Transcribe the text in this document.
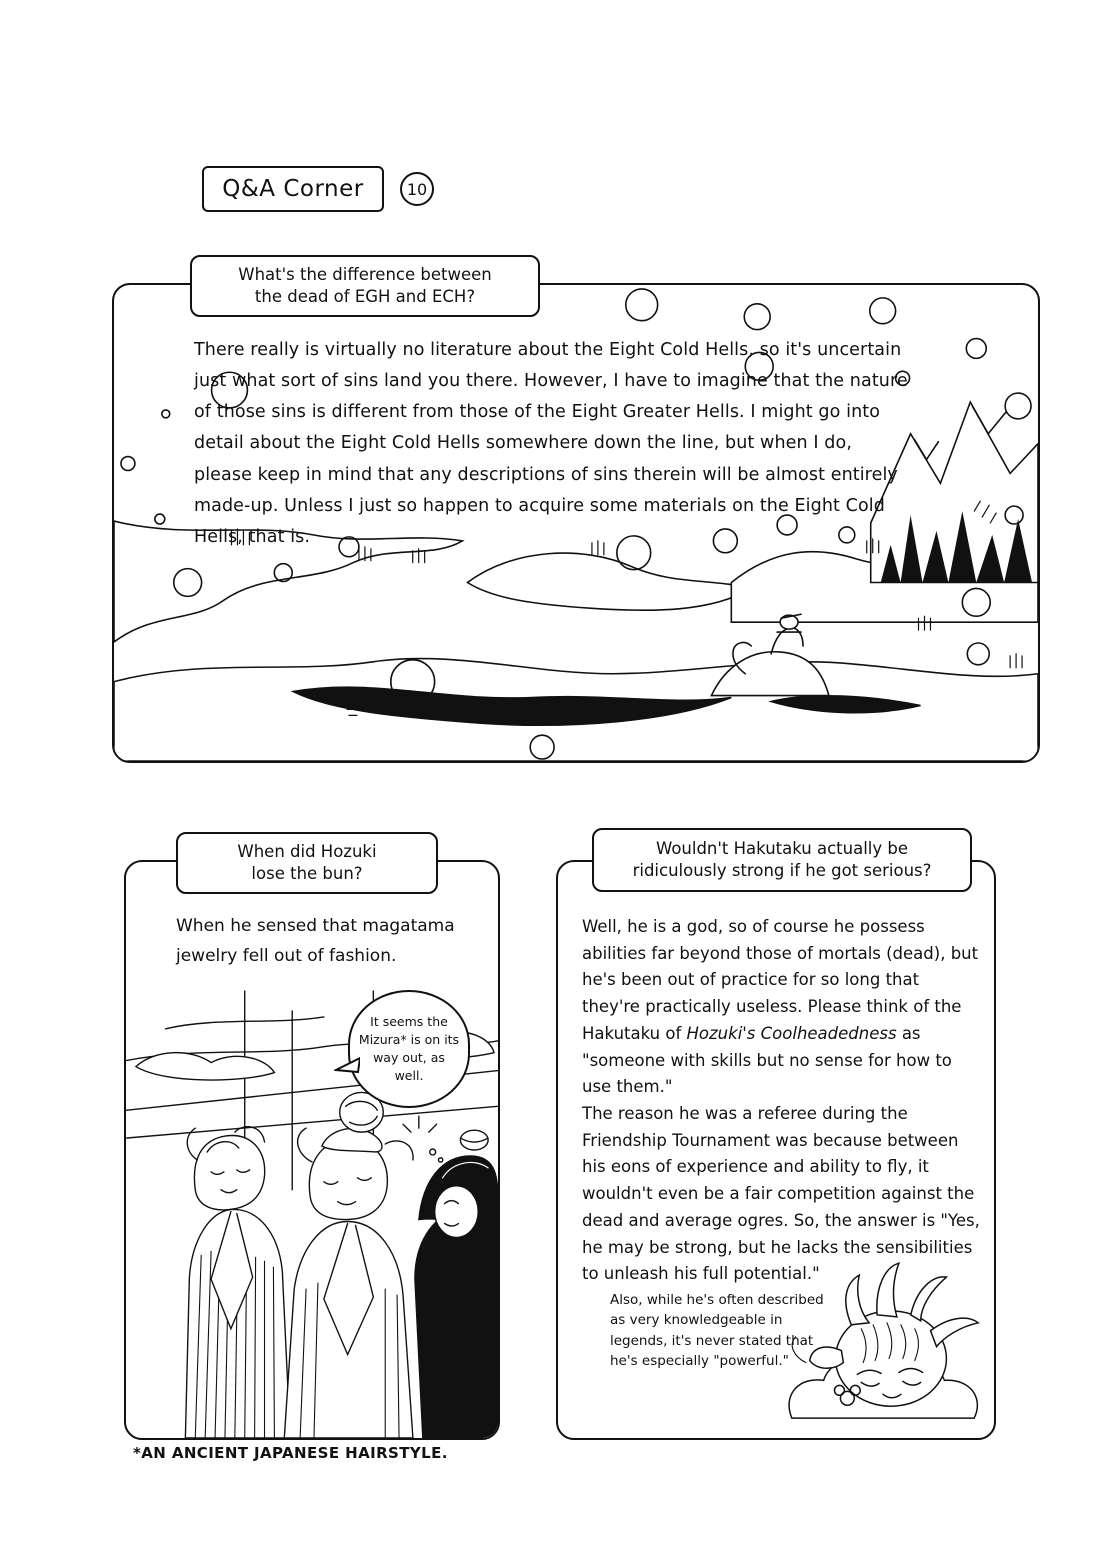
Q&A Corner	10
There really is virtually no literature about the Eight Cold Hells, so it's uncertain just what sort of sins land you there. However, I have to imagine that the nature of those sins is different from those of the Eight Greater Hells. I might go into detail about the Eight Cold Hells somewhere down the line, but when I do, please keep in mind that any descriptions of sins therein will be almost entirely made-up. Unless I just so happen to acquire some materials on the Eight Cold Hells, that is.
What's the difference between
the dead of EGH and ECH?
When he sensed that magatama jewelry fell out of fashion.
When did Hozuki
lose the bun?
It seems the Mizura* is on its way out, as well.
*AN ANCIENT JAPANESE HAIRSTYLE.

Well, he is a god, so of course he possess abilities far beyond those of mortals (dead), but he's been out of practice for so long that they're practically useless. Please think of the Hakutaku of Hozuki's Coolheadedness as "someone with skills but no sense for how to use them."

The reason he was a referee during the Friendship Tournament was because between his eons of experience and ability to fly, it wouldn't even be a fair competition against the dead and average ogres. So, the answer is "Yes, he may be strong, but he lacks the sensibilities to unleash his full potential."

Also, while he's often described as very knowledgeable in legends, it's never stated that he's especially "powerful."
Wouldn't Hakutaku actually be
ridiculously strong if he got serious?
